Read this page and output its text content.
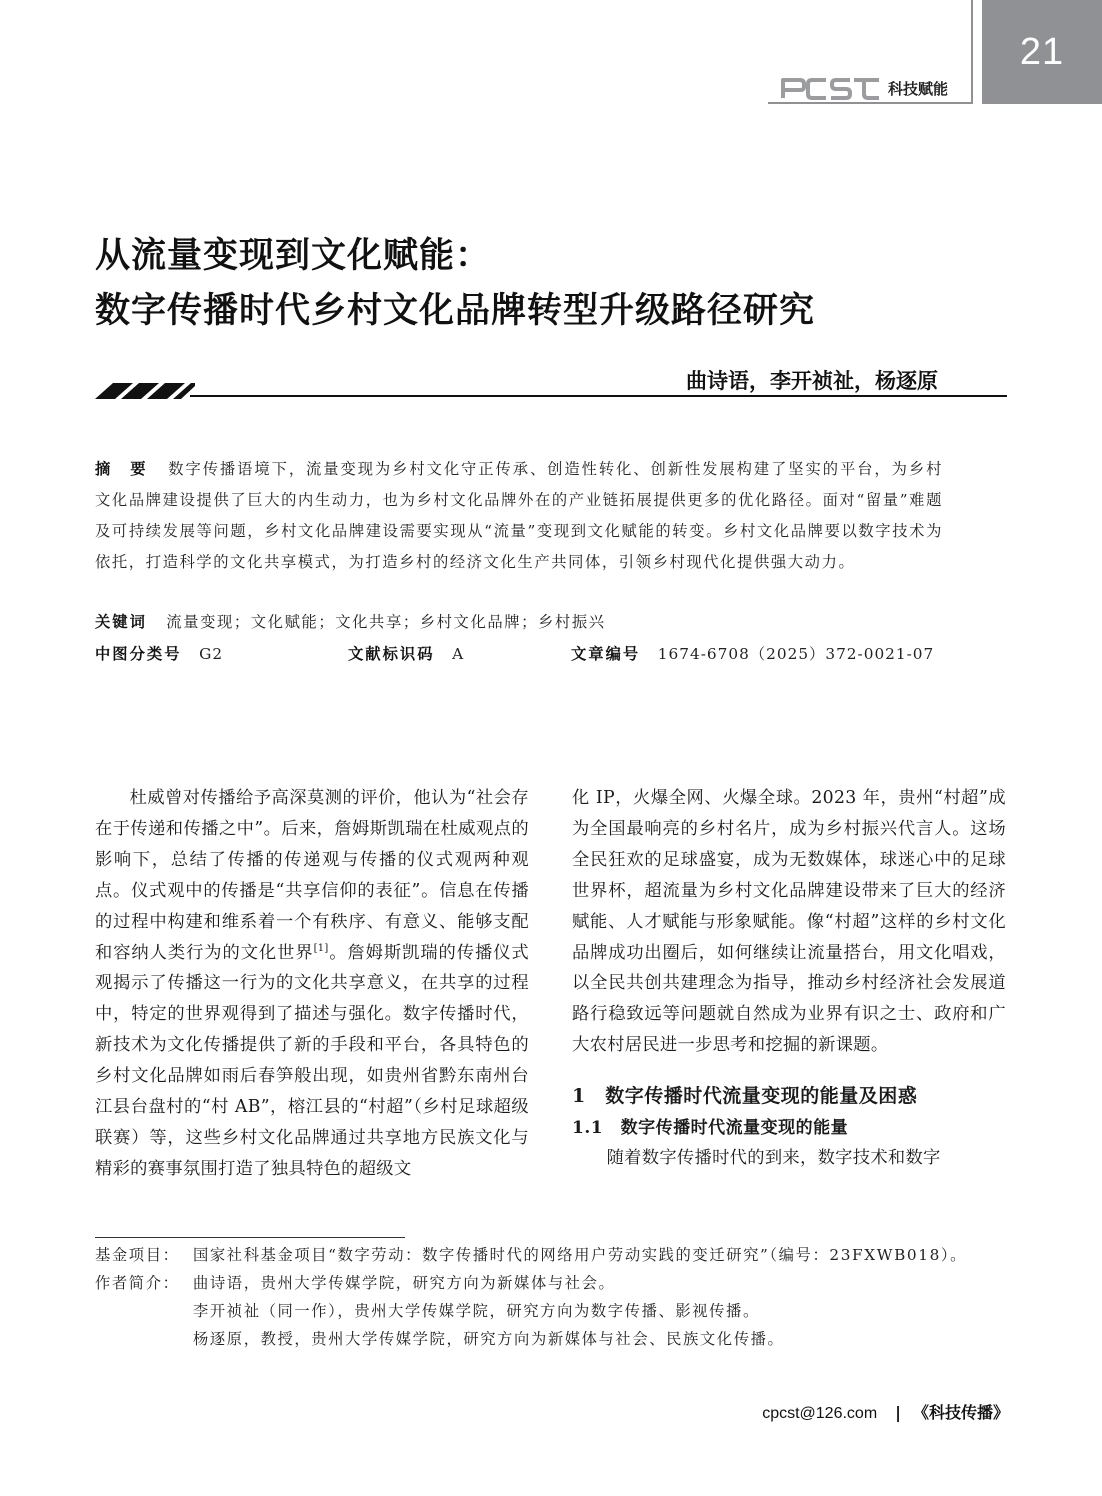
21
科技赋能
从流量变现到文化赋能：
数字传播时代乡村文化品牌转型升级路径研究
曲诗语，李开祯祉，杨逐原
摘　要 数字传播语境下，流量变现为乡村文化守正传承、创造性转化、创新性发展构建了坚实的平台，为乡村文化品牌建设提供了巨大的内生动力，也为乡村文化品牌外在的产业链拓展提供更多的优化路径。面对“留量”难题及可持续发展等问题，乡村文化品牌建设需要实现从“流量”变现到文化赋能的转变。乡村文化品牌要以数字技术为依托，打造科学的文化共享模式，为打造乡村的经济文化生产共同体，引领乡村现代化提供强大动力。
关键词 流量变现；文化赋能；文化共享；乡村文化品牌；乡村振兴
中图分类号 G2	文献标识码 A	文章编号 1674-6708（2025）372-0021-07

杜威曾对传播给予高深莫测的评价，他认为“社会存在于传递和传播之中”。后来，詹姆斯凯瑞在杜威观点的影响下，总结了传播的传递观与传播的仪式观两种观点。仪式观中的传播是“共享信仰的表征”。信息在传播的过程中构建和维系着一个有秩序、有意义、能够支配和容纳人类行为的文化世界[1]。詹姆斯凯瑞的传播仪式观揭示了传播这一行为的文化共享意义，在共享的过程中，特定的世界观得到了描述与强化。数字传播时代，新技术为文化传播提供了新的手段和平台，各具特色的乡村文化品牌如雨后春笋般出现，如贵州省黔东南州台江县台盘村的“村 AB”，榕江县的“村超”（乡村足球超级联赛）等，这些乡村文化品牌通过共享地方民族文化与精彩的赛事氛围打造了独具特色的超级文

化 IP，火爆全网、火爆全球。2023 年，贵州“村超”成为全国最响亮的乡村名片，成为乡村振兴代言人。这场全民狂欢的足球盛宴，成为无数媒体，球迷心中的足球世界杯，超流量为乡村文化品牌建设带来了巨大的经济赋能、人才赋能与形象赋能。像“村超”这样的乡村文化品牌成功出圈后，如何继续让流量搭台，用文化唱戏，以全民共创共建理念为指导，推动乡村经济社会发展道路行稳致远等问题就自然成为业界有识之士、政府和广大农村居民进一步思考和挖掘的新课题。

1　数字传播时代流量变现的能量及困惑
1.1　数字传播时代流量变现的能量

随着数字传播时代的到来，数字技术和数字

基金项目： 国家社科基金项目“数字劳动：数字传播时代的网络用户劳动实践的变迁研究”（编号：23FXWB018）。
作者简介： 曲诗语，贵州大学传媒学院，研究方向为新媒体与社会。
李开祯祉（同一作），贵州大学传媒学院，研究方向为数字传播、影视传播。
杨逐原，教授，贵州大学传媒学院，研究方向为新媒体与社会、民族文化传播。
cpcst@126.com | 《科技传播》
